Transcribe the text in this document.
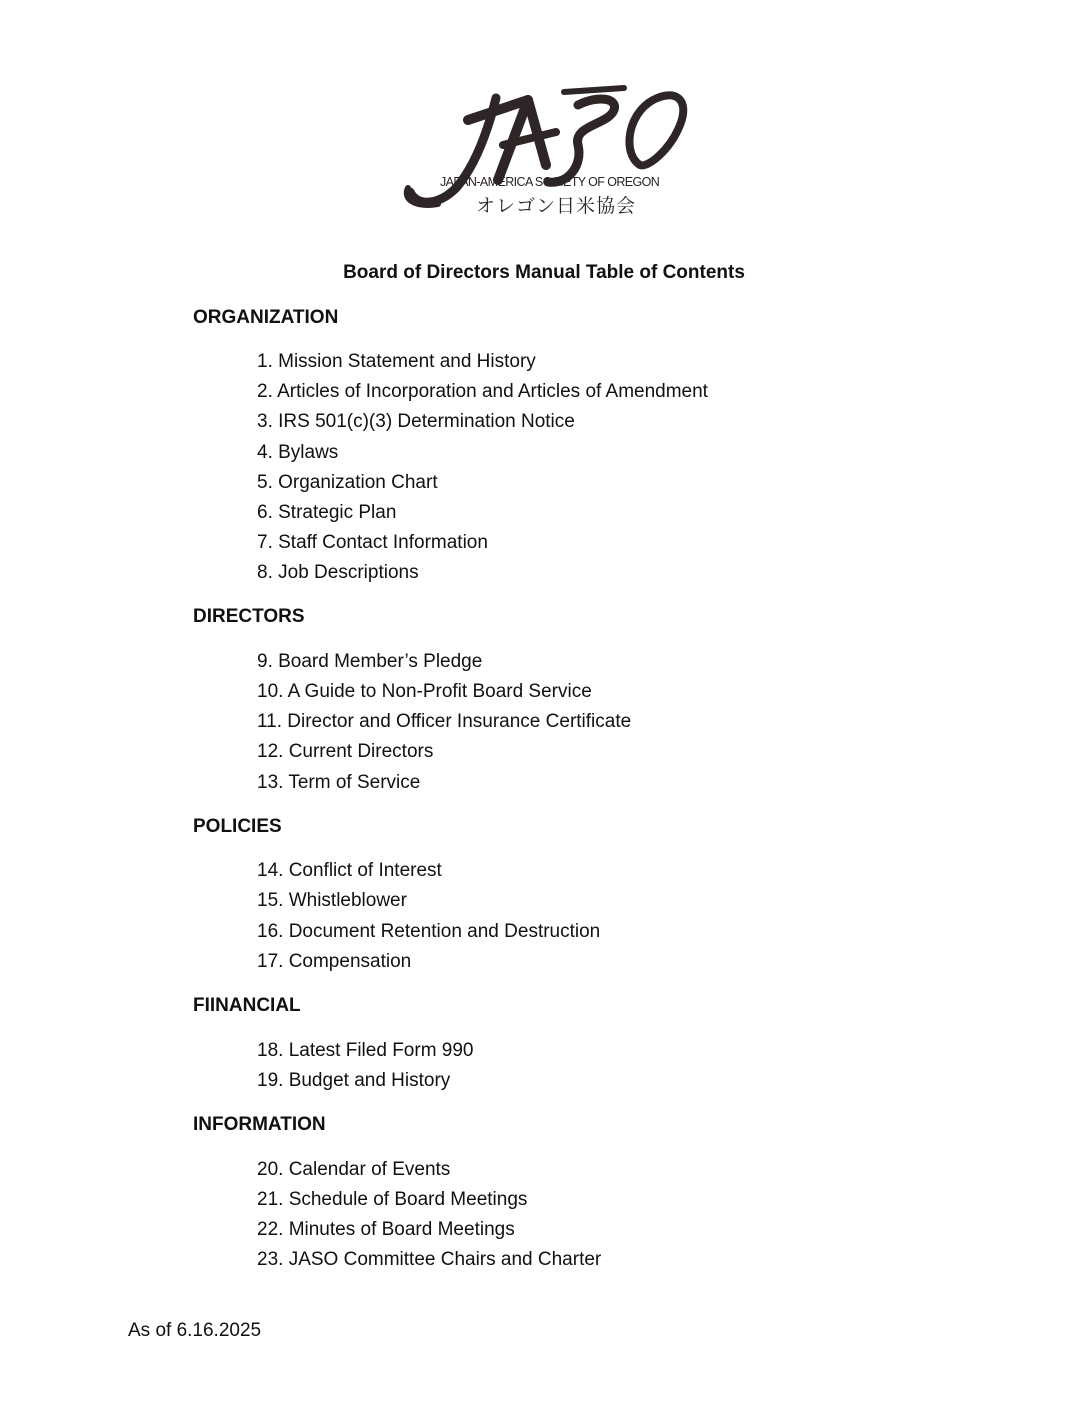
JAPAN-AMERICA SOCIETY OF OREGON
オレゴン日米協会
Board of Directors Manual Table of Contents
ORGANIZATION
1. Mission Statement and History
2. Articles of Incorporation and Articles of Amendment
3. IRS 501(c)(3) Determination Notice
4. Bylaws
5. Organization Chart
6. Strategic Plan
7. Staff Contact Information
8. Job Descriptions
DIRECTORS
9. Board Member’s Pledge
10. A Guide to Non-Profit Board Service
11. Director and Officer Insurance Certificate
12. Current Directors
13. Term of Service
POLICIES
14. Conflict of Interest
15. Whistleblower
16. Document Retention and Destruction
17. Compensation
FIINANCIAL
18. Latest Filed Form 990
19. Budget and History
INFORMATION
20. Calendar of Events
21. Schedule of Board Meetings
22. Minutes of Board Meetings
23. JASO Committee Chairs and Charter
As of 6.16.2025
